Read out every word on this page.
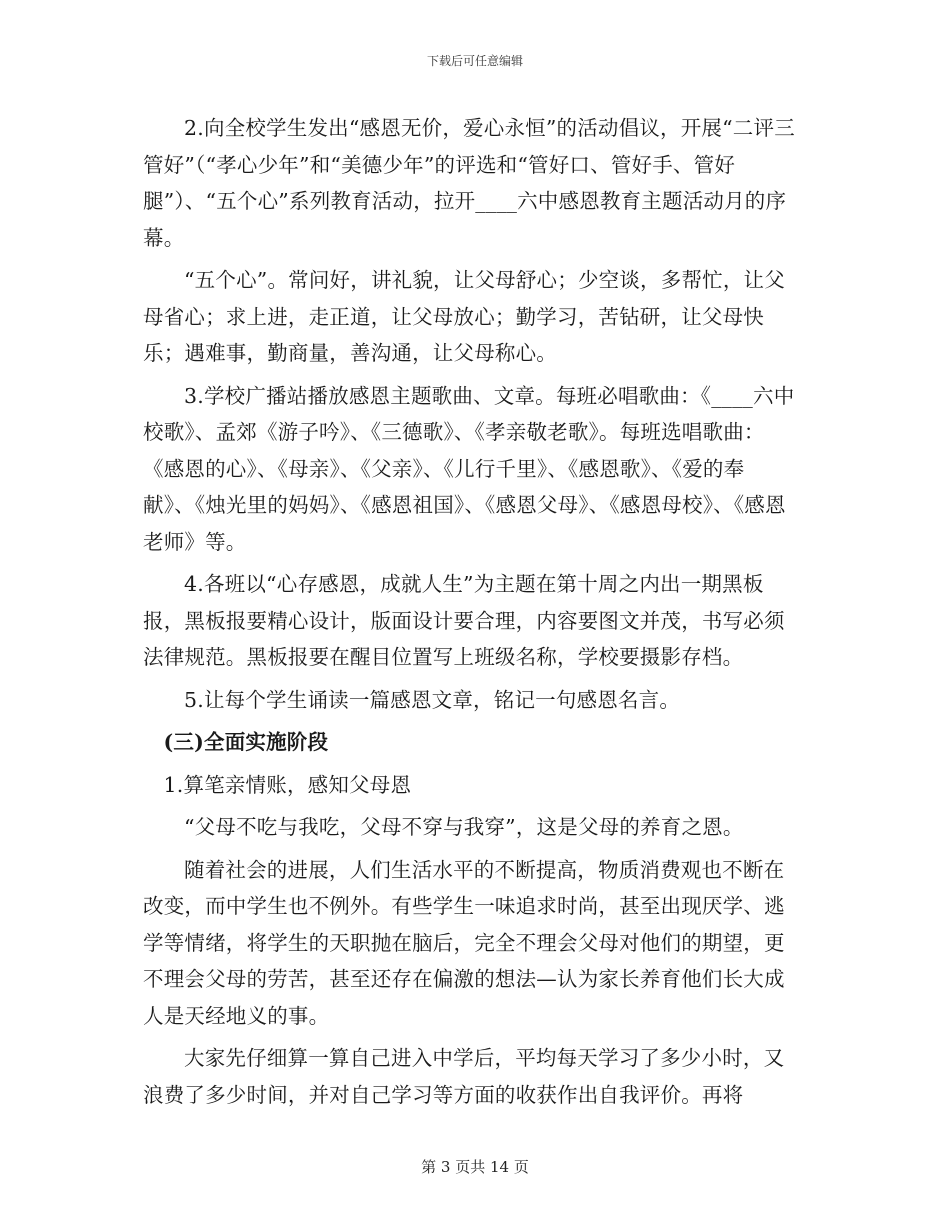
下载后可任意编辑

2.向全校学生发出“感恩无价，爱心永恒”的活动倡议，开展“二评三管好”（“孝心少年”和“美德少年”的评选和“管好口、管好手、管好腿”）、“五个心”系列教育活动，拉开____六中感恩教育主题活动月的序幕。

“五个心”。常问好，讲礼貌，让父母舒心；少空谈，多帮忙，让父母省心；求上进，走正道，让父母放心；勤学习，苦钻研，让父母快乐；遇难事，勤商量，善沟通，让父母称心。

3.学校广播站播放感恩主题歌曲、文章。每班必唱歌曲：《____六中校歌》、孟郊《游子吟》、《三德歌》、《孝亲敬老歌》。每班选唱歌曲：《感恩的心》、《母亲》、《父亲》、《儿行千里》、《感恩歌》、《爱的奉献》、《烛光里的妈妈》、《感恩祖国》、《感恩父母》、《感恩母校》、《感恩老师》等。

4.各班以“心存感恩，成就人生”为主题在第十周之内出一期黑板报，黑板报要精心设计，版面设计要合理，内容要图文并茂，书写必须法律规范。黑板报要在醒目位置写上班级名称，学校要摄影存档。

5.让每个学生诵读一篇感恩文章，铭记一句感恩名言。

(三)全面实施阶段

1.算笔亲情账，感知父母恩

“父母不吃与我吃，父母不穿与我穿”，这是父母的养育之恩。

随着社会的进展，人们生活水平的不断提高，物质消费观也不断在改变，而中学生也不例外。有些学生一味追求时尚，甚至出现厌学、逃学等情绪，将学生的天职抛在脑后，完全不理会父母对他们的期望，更不理会父母的劳苦，甚至还存在偏激的想法—认为家长养育他们长大成人是天经地义的事。

大家先仔细算一算自己进入中学后，平均每天学习了多少小时，又浪费了多少时间，并对自己学习等方面的收获作出自我评价。再将

第 3 页共 14 页
